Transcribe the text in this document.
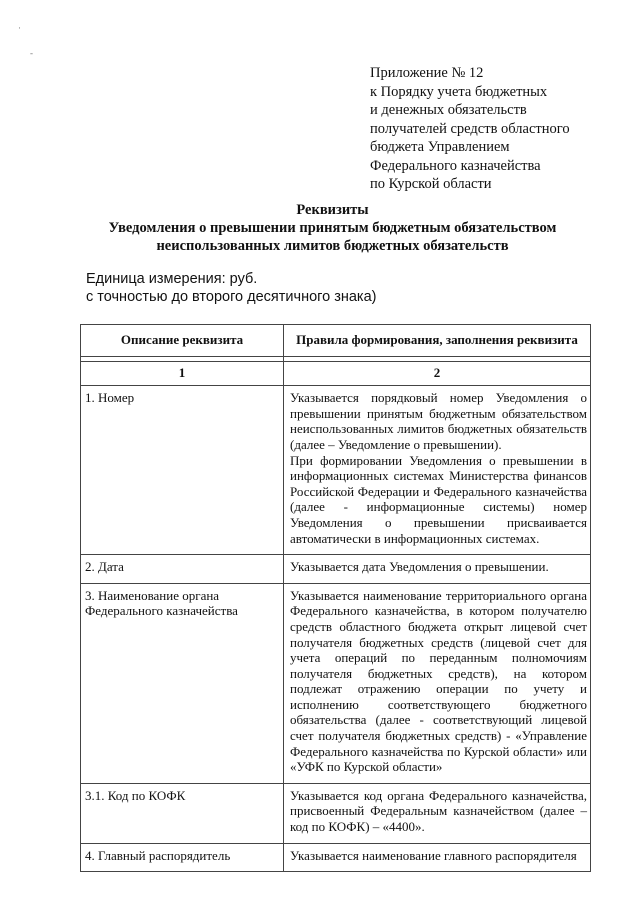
·
-
Приложение № 12
к Порядку учета бюджетных
и денежных обязательств
получателей средств областного
бюджета Управлением
Федерального казначейства
по Курской области
Реквизиты
Уведомления о превышении принятым бюджетным обязательством
неиспользованных лимитов бюджетных обязательств
Единица измерения: руб.
с точностью до второго десятичного знака)
Описание реквизита	Правила формирования, заполнения реквизита

1	2
1. Номер	Указывается порядковый номер Уведомления о превышении принятым бюджетным обязательством неиспользованных лимитов бюджетных обязательств (далее – Уведомление о превышении).
При формировании Уведомления о превышении в информационных системах Министерства финансов Российской Федерации и Федерального казначейства (далее - информационные системы) номер Уведомления о превышении присваивается автоматически в информационных системах.

2. Дата	Указывается дата Уведомления о превышении.
3. Наименование органа Федерального казначейства	Указывается наименование территориального органа Федерального казначейства, в котором получателю средств областного бюджета открыт лицевой счет получателя бюджетных средств (лицевой счет для учета операций по переданным полномочиям получателя бюджетных средств), на котором подлежат отражению операции по учету и исполнению соответствующего бюджетного обязательства (далее - соответствующий лицевой счет получателя бюджетных средств) - «Управление Федерального казначейства по Курской области» или «УФК по Курской области»
3.1. Код по КОФК	Указывается код органа Федерального казначейства, присвоенный Федеральным казначейством (далее – код по КОФК) – «4400».
4. Главный распорядитель	Указывается наименование главного распорядителя
